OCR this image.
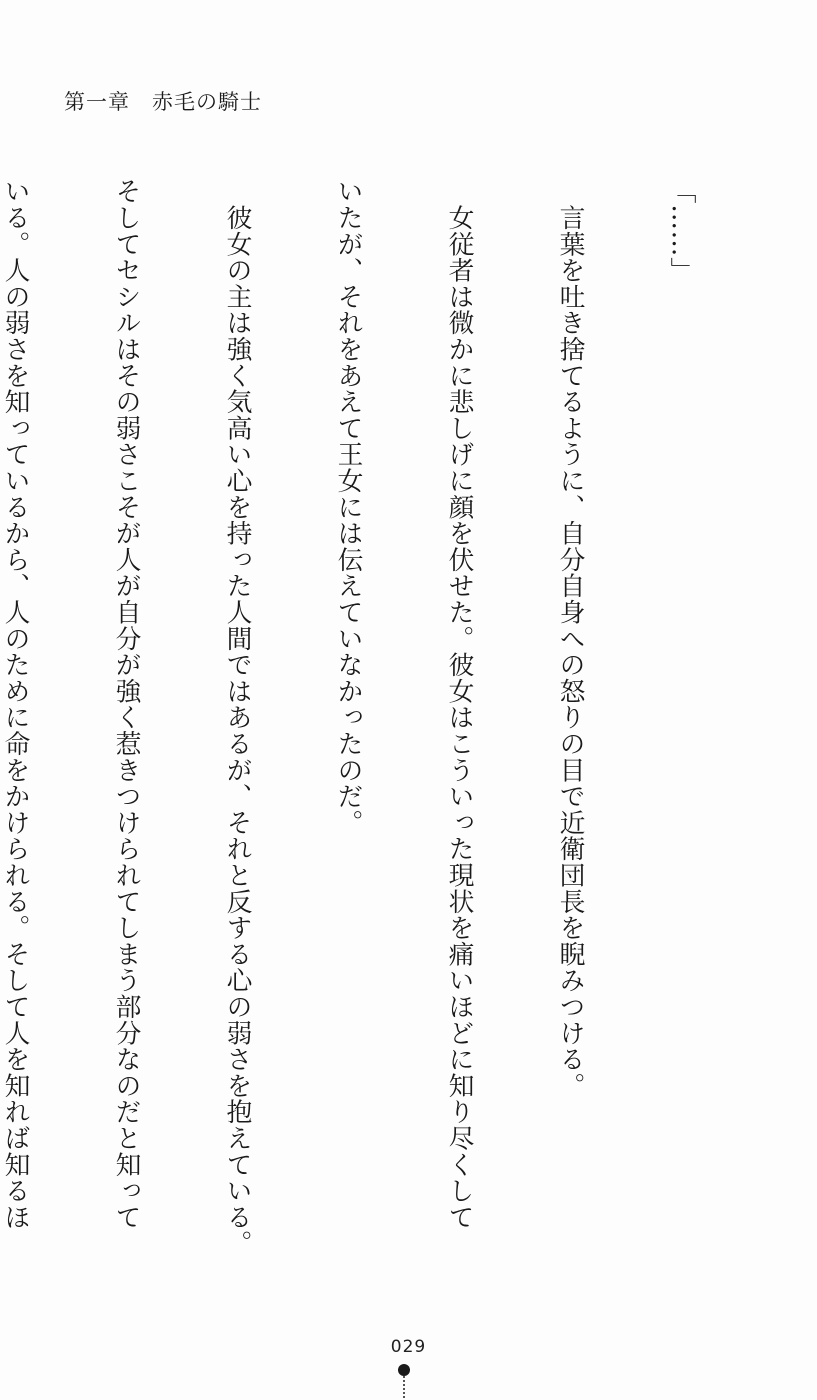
第一章 赤毛の騎士

「……」

　言葉を吐き捨てるように、自分自身への怒りの目で近衛団長を睨みつける。

　女従者は微かに悲しげに顔を伏せた。彼女はこういった現状を痛いほどに知り尽くして

いたが、それをあえて王女には伝えていなかったのだ。

　彼女の主は強く気高い心を持った人間ではあるが、それと反する心の弱さを抱えている。

そしてセシルはその弱さこそが人が自分が強く惹きつけられてしまう部分なのだと知って

いる。人の弱さを知っているから、人のために命をかけられる。そして人を知れば知るほ

029
